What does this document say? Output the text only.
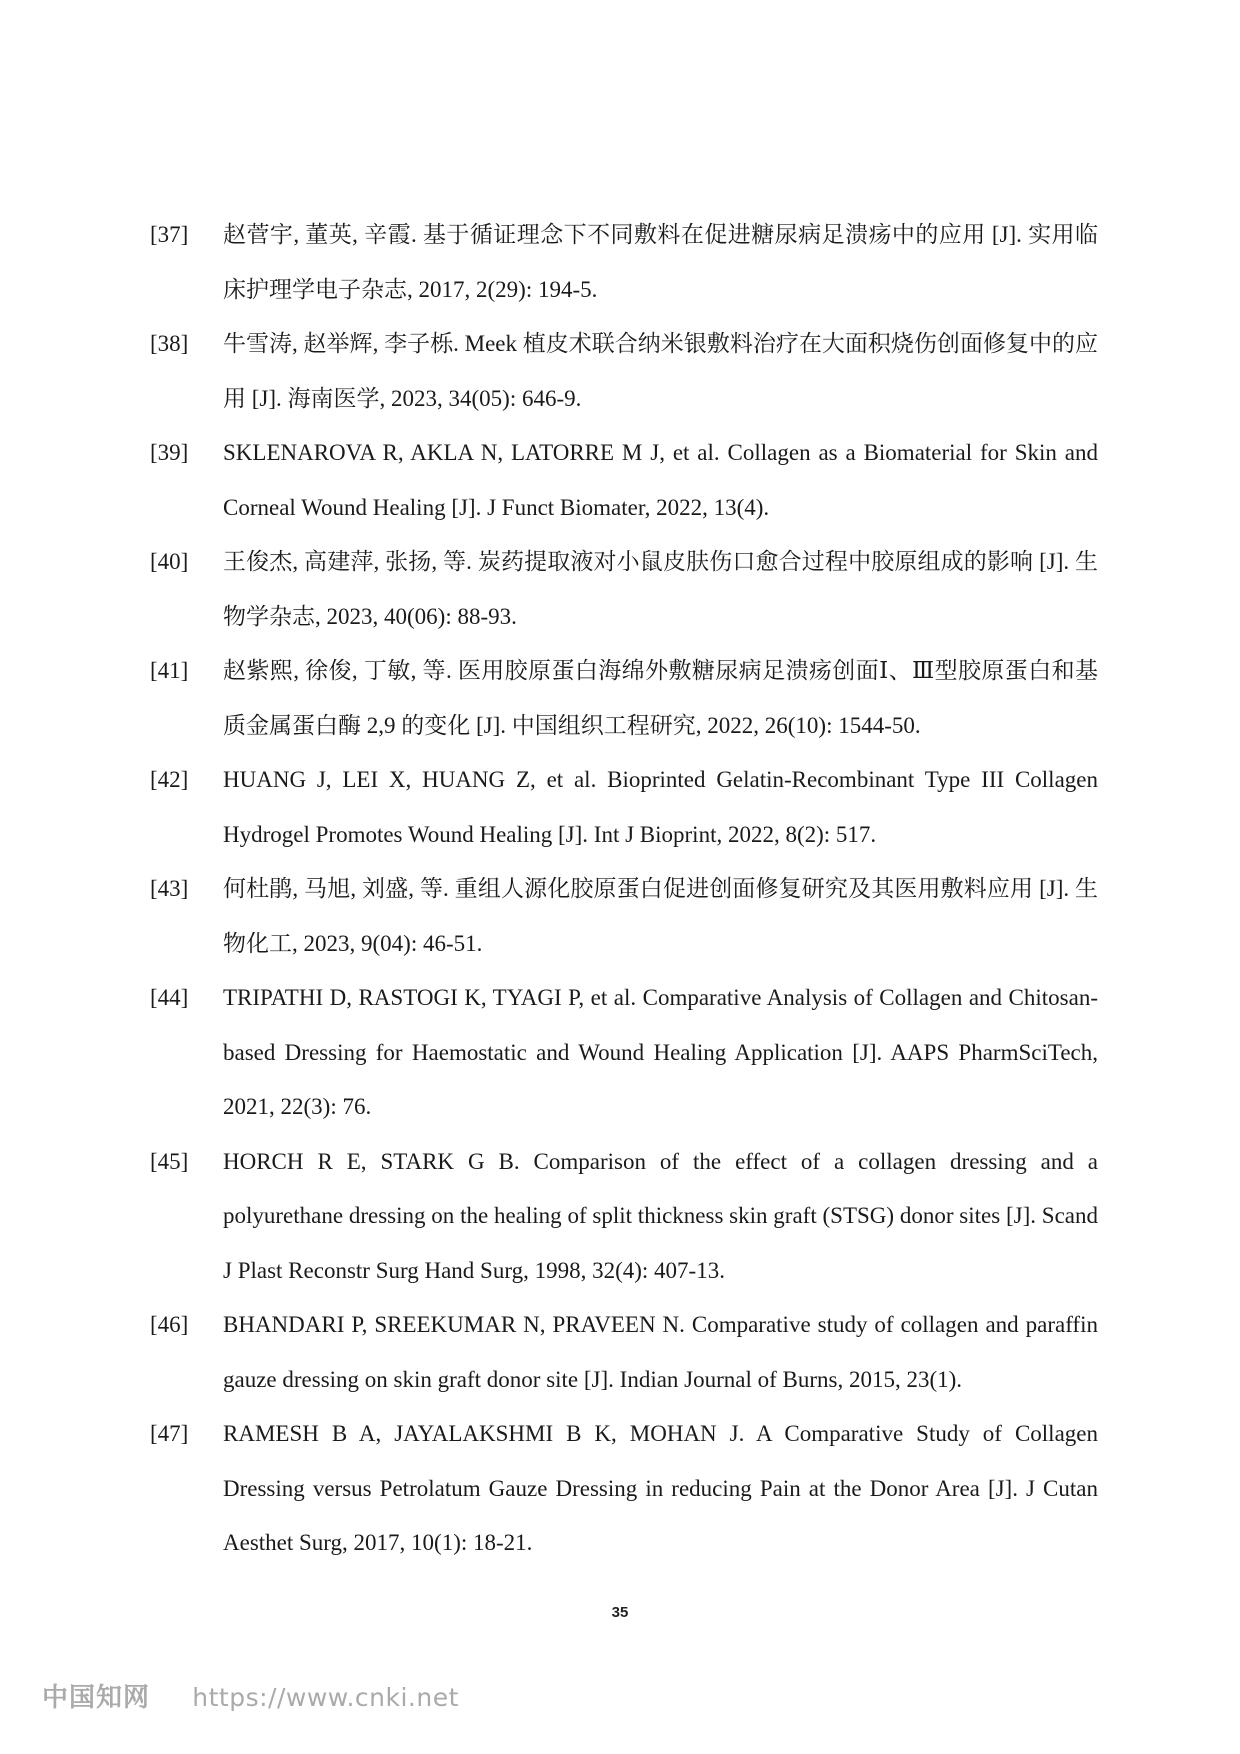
[37]	赵菅宇, 董英, 辛霞. 基于循证理念下不同敷料在促进糖尿病足溃疡中的应用 [J]. 实用临床护理学电子杂志, 2017, 2(29): 194-5.
[38]	牛雪涛, 赵举辉, 李子栎. Meek 植皮术联合纳米银敷料治疗在大面积烧伤创面修复中的应用 [J]. 海南医学, 2023, 34(05): 646-9.
[39]	SKLENAROVA R, AKLA N, LATORRE M J, et al. Collagen as a Biomaterial for Skin and Corneal Wound Healing [J]. J Funct Biomater, 2022, 13(4).
[40]	王俊杰, 高建萍, 张扬, 等. 炭药提取液对小鼠皮肤伤口愈合过程中胶原组成的影响 [J]. 生物学杂志, 2023, 40(06): 88-93.
[41]	赵紫熙, 徐俊, 丁敏, 等. 医用胶原蛋白海绵外敷糖尿病足溃疡创面Ⅰ、Ⅲ型胶原蛋白和基质金属蛋白酶 2,9 的变化 [J]. 中国组织工程研究, 2022, 26(10): 1544-50.
[42]	HUANG J, LEI X, HUANG Z, et al. Bioprinted Gelatin-Recombinant Type III Collagen Hydrogel Promotes Wound Healing [J]. Int J Bioprint, 2022, 8(2): 517.
[43]	何杜鹃, 马旭, 刘盛, 等. 重组人源化胶原蛋白促进创面修复研究及其医用敷料应用 [J]. 生物化工, 2023, 9(04): 46-51.
[44]	TRIPATHI D, RASTOGI K, TYAGI P, et al. Comparative Analysis of Collagen and Chitosan-based Dressing for Haemostatic and Wound Healing Application [J]. AAPS PharmSciTech, 2021, 22(3): 76.
[45]	HORCH R E, STARK G B. Comparison of the effect of a collagen dressing and a polyurethane dressing on the healing of split thickness skin graft (STSG) donor sites [J]. Scand J Plast Reconstr Surg Hand Surg, 1998, 32(4): 407-13.
[46]	BHANDARI P, SREEKUMAR N, PRAVEEN N. Comparative study of collagen and paraffin gauze dressing on skin graft donor site [J]. Indian Journal of Burns, 2015, 23(1).
[47]	RAMESH B A, JAYALAKSHMI B K, MOHAN J. A Comparative Study of Collagen Dressing versus Petrolatum Gauze Dressing in reducing Pain at the Donor Area [J]. J Cutan Aesthet Surg, 2017, 10(1): 18-21.
35
中国知网 https://www.cnki.net
